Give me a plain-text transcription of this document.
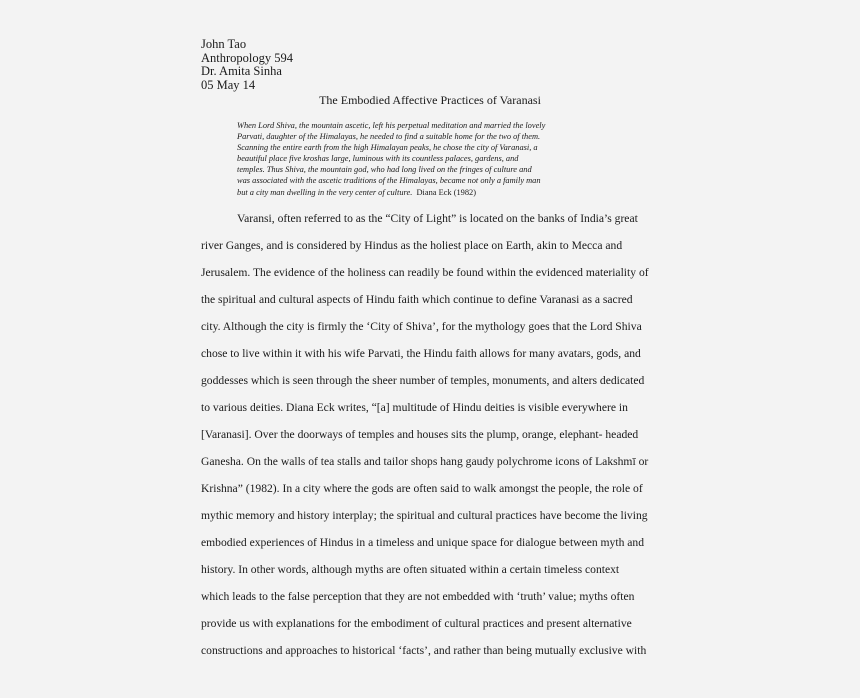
John Tao
Anthropology 594
Dr. Amita Sinha
05 May 14
The Embodied Affective Practices of Varanasi
When Lord Shiva, the mountain ascetic, left his perpetual meditation and married the lovely
Parvati, daughter of the Himalayas, he needed to find a suitable home for the two of them.
Scanning the entire earth from the high Himalayan peaks, he chose the city of Varanasi, a
beautiful place five kroshas large, luminous with its countless palaces, gardens, and
temples. Thus Shiva, the mountain god, who had long lived on the fringes of culture and
was associated with the ascetic traditions of the Himalayas, became not only a family man
but a city man dwelling in the very center of culture. Diana Eck (1982)
Varansi, often referred to as the “City of Light” is located on the banks of India’s great
river Ganges, and is considered by Hindus as the holiest place on Earth, akin to Mecca and
Jerusalem. The evidence of the holiness can readily be found within the evidenced materiality of
the spiritual and cultural aspects of Hindu faith which continue to define Varanasi as a sacred
city. Although the city is firmly the ‘City of Shiva’, for the mythology goes that the Lord Shiva
chose to live within it with his wife Parvati, the Hindu faith allows for many avatars, gods, and
goddesses which is seen through the sheer number of temples, monuments, and alters dedicated
to various deities. Diana Eck writes, “[a] multitude of Hindu deities is visible everywhere in
[Varanasi]. Over the doorways of temples and houses sits the plump, orange, elephant- headed
Ganesha. On the walls of tea stalls and tailor shops hang gaudy polychrome icons of Lakshmī or
Krishna” (1982). In a city where the gods are often said to walk amongst the people, the role of
mythic memory and history interplay; the spiritual and cultural practices have become the living
embodied experiences of Hindus in a timeless and unique space for dialogue between myth and
history. In other words, although myths are often situated within a certain timeless context
which leads to the false perception that they are not embedded with ‘truth’ value; myths often
provide us with explanations for the embodiment of cultural practices and present alternative
constructions and approaches to historical ‘facts’, and rather than being mutually exclusive with
